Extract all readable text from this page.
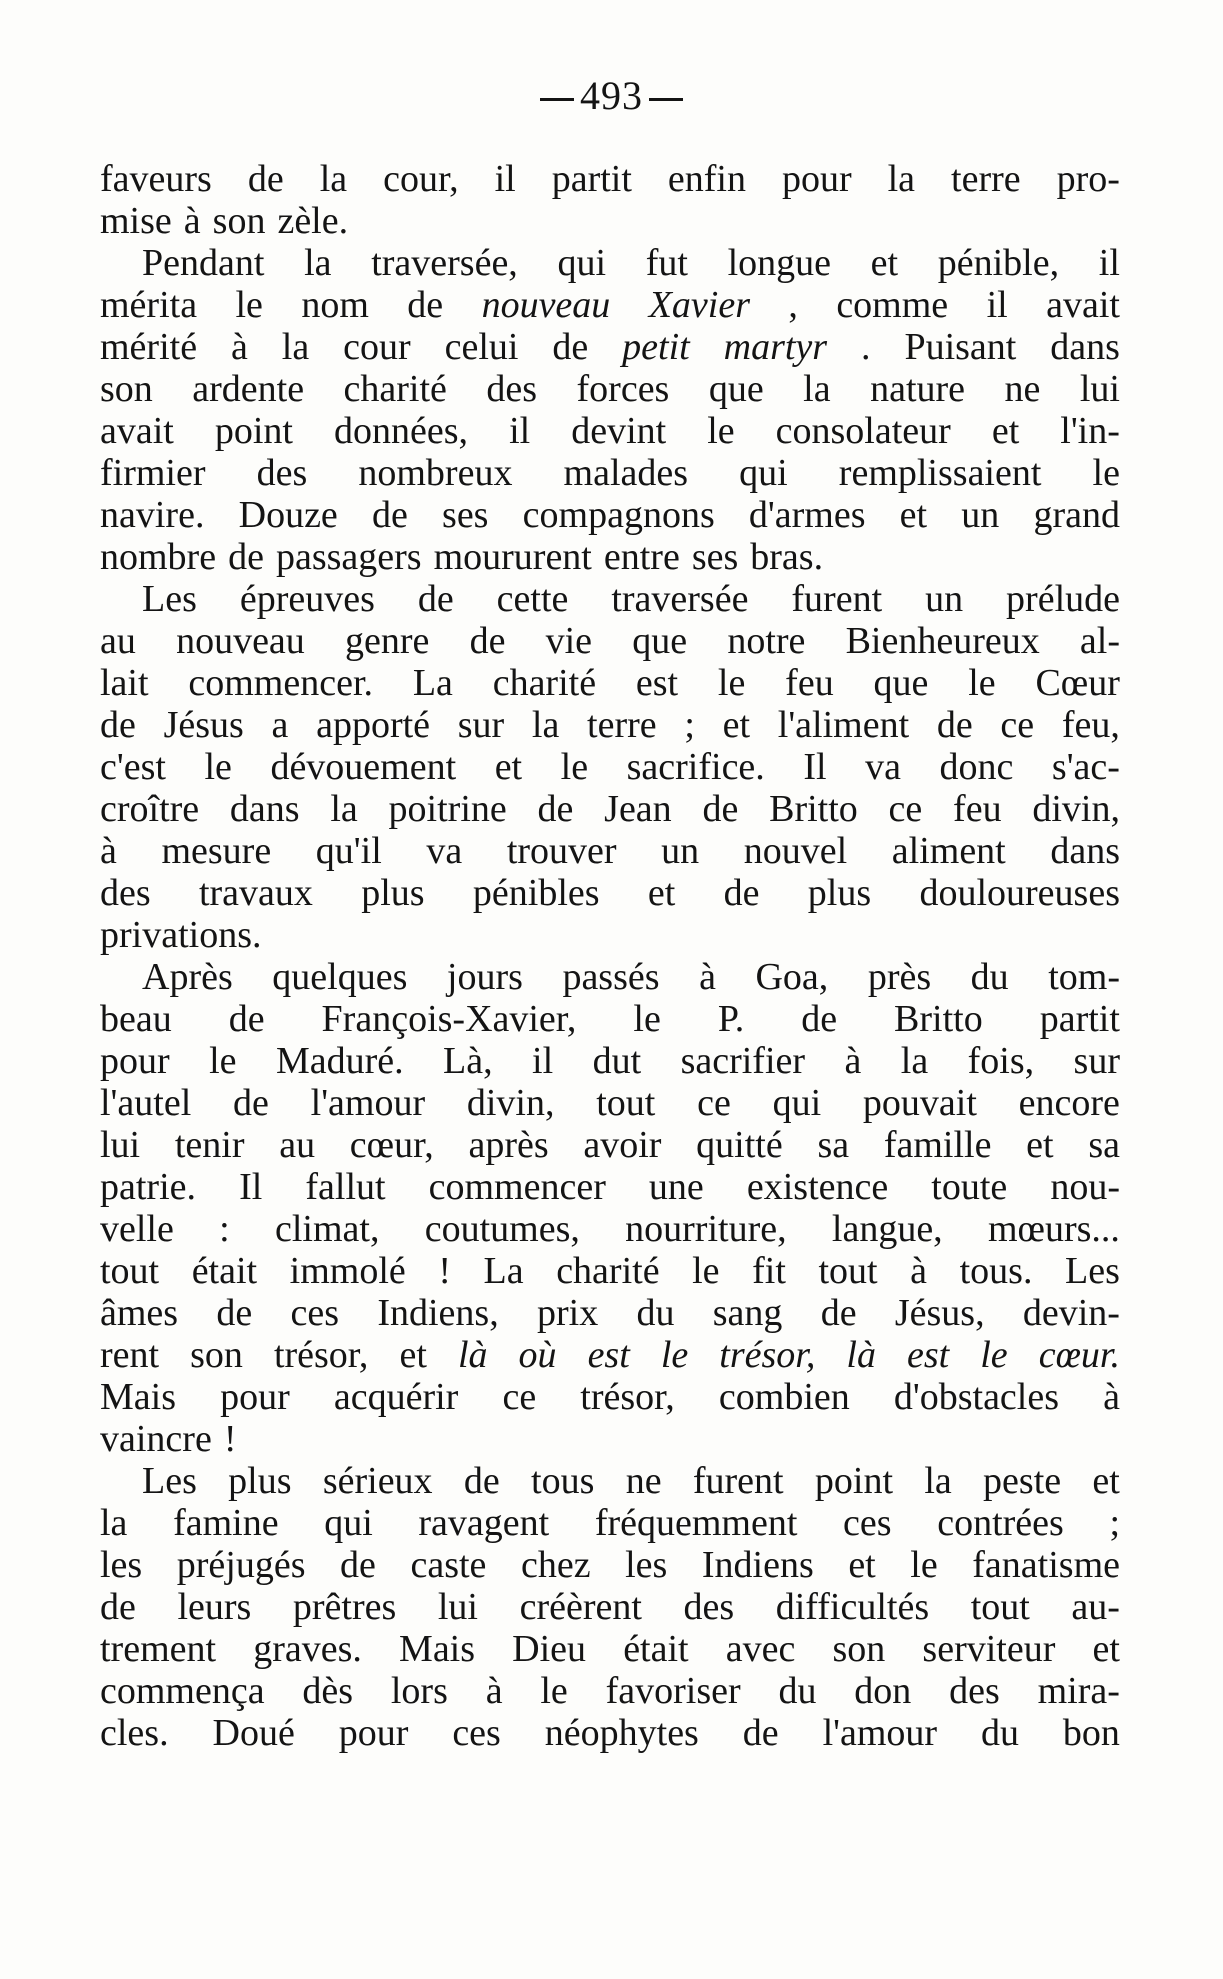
493
faveurs de la cour, il partit enfin pour la terre pro-
mise à son zèle.
Pendant la traversée, qui fut longue et pénible, il
mérita le nom de nouveau Xavier , comme il avait
mérité à la cour celui de petit martyr . Puisant dans
son ardente charité des forces que la nature ne lui
avait point données, il devint le consolateur et l'in-
firmier des nombreux malades qui remplissaient le
navire. Douze de ses compagnons d'armes et un grand
nombre de passagers moururent entre ses bras.
Les épreuves de cette traversée furent un prélude
au nouveau genre de vie que notre Bienheureux al-
lait commencer. La charité est le feu que le Cœur
de Jésus a apporté sur la terre ; et l'aliment de ce feu,
c'est le dévouement et le sacrifice. Il va donc s'ac-
croître dans la poitrine de Jean de Britto ce feu divin,
à mesure qu'il va trouver un nouvel aliment dans
des travaux plus pénibles et de plus douloureuses
privations.
Après quelques jours passés à Goa, près du tom-
beau de François-Xavier, le P. de Britto partit
pour le Maduré. Là, il dut sacrifier à la fois, sur
l'autel de l'amour divin, tout ce qui pouvait encore
lui tenir au cœur, après avoir quitté sa famille et sa
patrie. Il fallut commencer une existence toute nou-
velle : climat, coutumes, nourriture, langue, mœurs...
tout était immolé ! La charité le fit tout à tous. Les
âmes de ces Indiens, prix du sang de Jésus, devin-
rent son trésor, et là où est le trésor, là est le cœur.
Mais pour acquérir ce trésor, combien d'obstacles à
vaincre !
Les plus sérieux de tous ne furent point la peste et
la famine qui ravagent fréquemment ces contrées ;
les préjugés de caste chez les Indiens et le fanatisme
de leurs prêtres lui créèrent des difficultés tout au-
trement graves. Mais Dieu était avec son serviteur et
commença dès lors à le favoriser du don des mira-
cles. Doué pour ces néophytes de l'amour du bon
